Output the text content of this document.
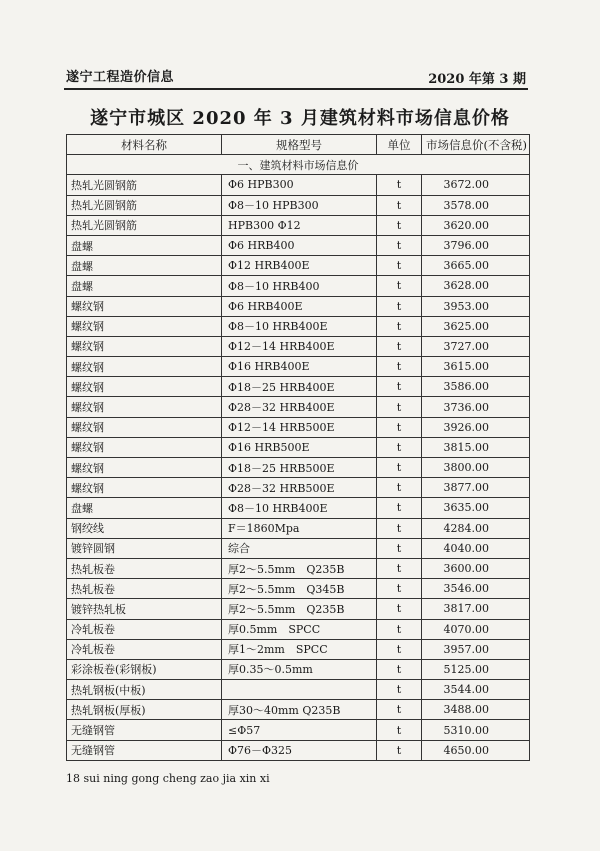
遂宁工程造价信息	2020 年第 3 期
遂宁市城区 2020 年 3 月建筑材料市场信息价格
材料名称	规格型号	单位	市场信息价(不含税)
一、建筑材料市场信息价			
热轧光圆钢筋	Φ6 HPB300	t	3672.00
热轧光圆钢筋	Φ8－10 HPB300	t	3578.00
热轧光圆钢筋	HPB300 Φ12	t	3620.00
盘螺	Φ6 HRB400	t	3796.00
盘螺	Φ12 HRB400E	t	3665.00
盘螺	Φ8－10 HRB400	t	3628.00
螺纹钢	Φ6 HRB400E	t	3953.00
螺纹钢	Φ8－10 HRB400E	t	3625.00
螺纹钢	Φ12－14 HRB400E	t	3727.00
螺纹钢	Φ16 HRB400E	t	3615.00
螺纹钢	Φ18－25 HRB400E	t	3586.00
螺纹钢	Φ28－32 HRB400E	t	3736.00
螺纹钢	Φ12－14 HRB500E	t	3926.00
螺纹钢	Φ16 HRB500E	t	3815.00
螺纹钢	Φ18－25 HRB500E	t	3800.00
螺纹钢	Φ28－32 HRB500E	t	3877.00
盘螺	Φ8－10 HRB400E	t	3635.00
钢绞线	F＝1860Mpa	t	4284.00
镀锌圆钢	综合	t	4040.00
热轧板卷	厚2～5.5mm　Q235B	t	3600.00
热轧板卷	厚2～5.5mm　Q345B	t	3546.00
镀锌热轧板	厚2～5.5mm　Q235B	t	3817.00
冷轧板卷	厚0.5mm　SPCC	t	4070.00
冷轧板卷	厚1～2mm　SPCC	t	3957.00
彩涂板卷(彩钢板)	厚0.35～0.5mm	t	5125.00
热轧钢板(中板)		t	3544.00
热轧钢板(厚板)	厚30～40mm Q235B	t	3488.00
无缝钢管	≤Φ57	t	5310.00
无缝钢管	Φ76－Φ325	t	4650.00
18 sui ning gong cheng zao jia xin xi
